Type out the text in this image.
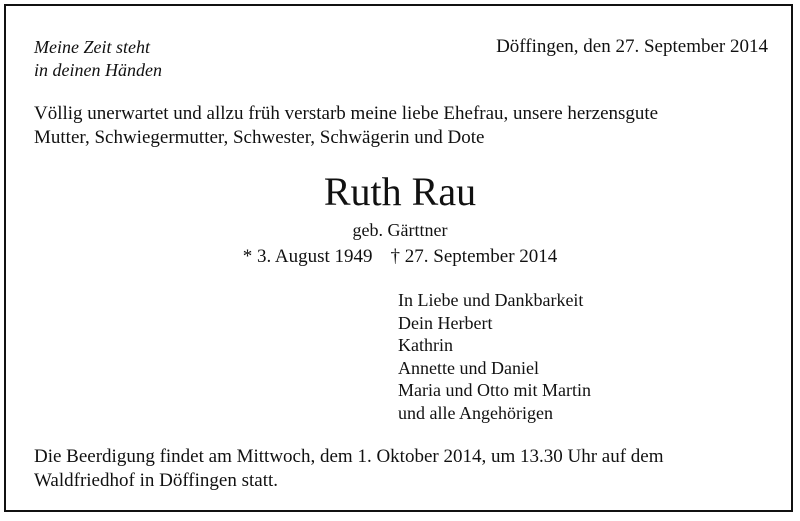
Meine Zeit steht
in deinen Händen
Döffingen, den 27. September 2014
Völlig unerwartet und allzu früh verstarb meine liebe Ehefrau, unsere herzensgute
Mutter, Schwiegermutter, Schwester, Schwägerin und Dote
Ruth Rau
geb. Gärttner
* 3. August 1949 † 27. September 2014
In Liebe und Dankbarkeit
Dein Herbert
Kathrin
Annette und Daniel
Maria und Otto mit Martin
und alle Angehörigen
Die Beerdigung findet am Mittwoch, dem 1. Oktober 2014, um 13.30 Uhr auf dem
Waldfriedhof in Döffingen statt.
